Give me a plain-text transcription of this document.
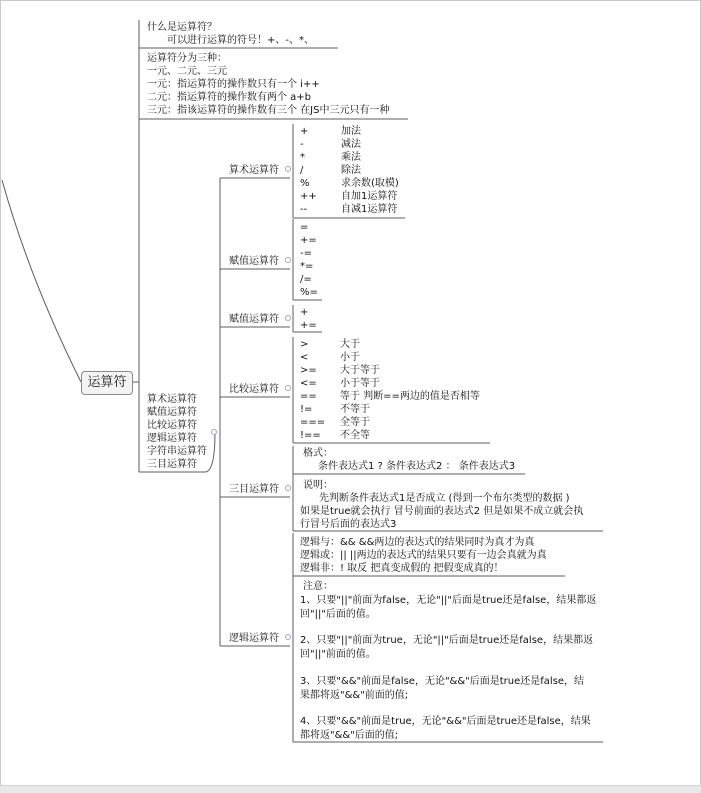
运算符
什么是运算符？
可以进行运算的符号！+、-、*、
运算符分为三种：
一元、二元、三元
一元：指运算符的操作数只有一个 i++
二元：指运算符的操作数有两个 a+b
三元：指该运算符的操作数有三个 在JS中三元只有一种
算术运算符
赋值运算符
比较运算符
逻辑运算符
字符串运算符
三目运算符
算术运算符
赋值运算符
赋值运算符
比较运算符
三目运算符
逻辑运算符
+	加法
-	减法
*	乘法
/	除法
%	求余数(取模)
++ 自加1运算符
--	自减1运算符
=
+=
-=
*=
/=
%=
+
+=
>	大于
<	小于
>= 大于等于
<= 小于等于
== 等于 判断==两边的值是否相等
!=	不等于
=== 全等于
!== 不全等
格式：
条件表达式1 ? 条件表达式2 ： 条件表达式3
说明：
先判断条件表达式1是否成立 (得到一个布尔类型的数据 )
如果是true就会执行 冒号前面的表达式2 但是如果不成立就会执
行冒号后面的表达式3
逻辑与：&& &&两边的表达式的结果同时为真才为真
逻辑或：|| ||两边的表达式的结果只要有一边会真就为真
逻辑非：! 取反 把真变成假的 把假变成真的！
注意：
1、只要"||"前面为false，无论"||"后面是true还是false，结果都返
回"||"后面的值。
2、只要"||"前面为true，无论"||"后面是true还是false，结果都返
回"||"前面的值。
3、只要"&&"前面是false，无论"&&"后面是true还是false，结
果都将返"&&"前面的值;
4、只要"&&"前面是true，无论"&&"后面是true还是false，结果
都将返"&&"后面的值;
